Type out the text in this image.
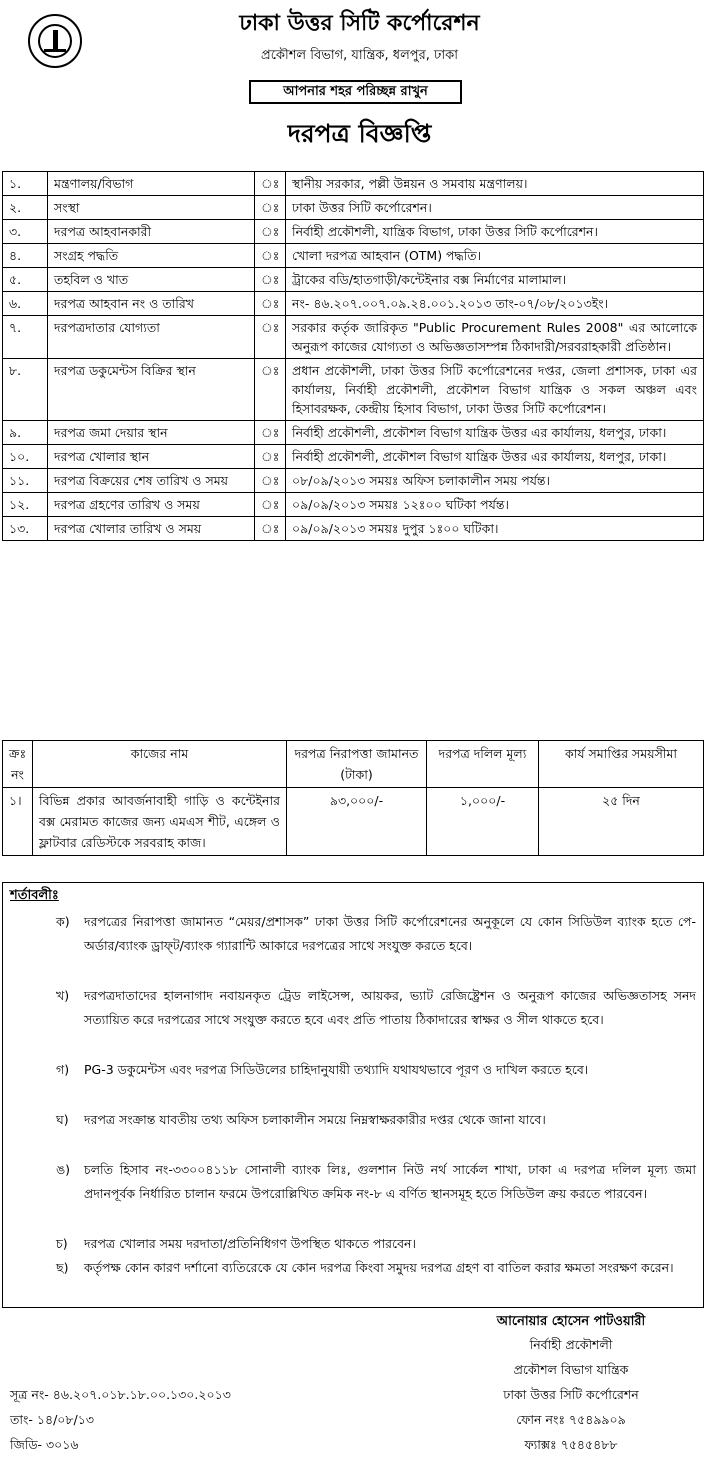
ঢাকা উত্তর সিটি কর্পোরেশন
প্রকৌশল বিভাগ, যান্ত্রিক, ধলপুর, ঢাকা
আপনার শহর পরিচ্ছন্ন রাখুন
দরপত্র বিজ্ঞপ্তি
১.	মন্ত্রণালয়/বিভাগ	ঃ	স্থানীয় সরকার, পল্লী উন্নয়ন ও সমবায় মন্ত্রণালয়।
২.	সংস্থা	ঃ	ঢাকা উত্তর সিটি কর্পোরেশন।
৩.	দরপত্র আহবানকারী	ঃ	নির্বাহী প্রকৌশলী, যান্ত্রিক বিভাগ, ঢাকা উত্তর সিটি কর্পোরেশন।
৪.	সংগ্রহ পদ্ধতি	ঃ	খোলা দরপত্র আহবান (OTM) পদ্ধতি।
৫.	তহবিল ও খাত	ঃ	ট্রাকের বডি/হাতগাড়ী/কন্টেইনার বক্স নির্মাণের মালামাল।
৬.	দরপত্র আহবান নং ও তারিখ	ঃ	নং- ৪৬.২০৭.০০৭.০৯.২৪.০০১.২০১৩ তাং-০৭/০৮/২০১৩ইং।
৭.	দরপত্রদাতার যোগ্যতা	ঃ	সরকার কর্তৃক জারিকৃত "Public Procurement Rules 2008" এর আলোকে অনুরূপ কাজের যোগ্যতা ও অভিজ্ঞতাসম্পন্ন ঠিকাদারী/সরবরাহকারী প্রতিষ্ঠান।
৮.	দরপত্র ডকুমেন্টস বিক্রির স্থান	ঃ	প্রধান প্রকৌশলী, ঢাকা উত্তর সিটি কর্পোরেশনের দপ্তর, জেলা প্রশাসক, ঢাকা এর কার্যালয়, নির্বাহী প্রকৌশলী, প্রকৌশল বিভাগ যান্ত্রিক ও সকল অঞ্চল এবং হিসাবরক্ষক, কেন্দ্রীয় হিসাব বিভাগ, ঢাকা উত্তর সিটি কর্পোরেশন।
৯.	দরপত্র জমা দেয়ার স্থান	ঃ	নির্বাহী প্রকৌশলী, প্রকৌশল বিভাগ যান্ত্রিক উত্তর এর কার্যালয়, ধলপুর, ঢাকা।
১০.	দরপত্র খোলার স্থান	ঃ	নির্বাহী প্রকৌশলী, প্রকৌশল বিভাগ যান্ত্রিক উত্তর এর কার্যালয়, ধলপুর, ঢাকা।
১১.	দরপত্র বিক্রয়ের শেষ তারিখ ও সময়	ঃ	০৮/০৯/২০১৩ সময়ঃ অফিস চলাকালীন সময় পর্যন্ত।
১২.	দরপত্র গ্রহণের তারিখ ও সময়	ঃ	০৯/০৯/২০১৩ সময়ঃ ১২ঃ০০ ঘটিকা পর্যন্ত।
১৩.	দরপত্র খোলার তারিখ ও সময়	ঃ	০৯/০৯/২০১৩ সময়ঃ দুপুর ১ঃ০০ ঘটিকা।
ক্রঃ নং	কাজের নাম	দরপত্র নিরাপত্তা জামানত (টাকা)	দরপত্র দলিল মূল্য	কার্য সমাপ্তির সময়সীমা
১।	বিভিন্ন প্রকার আবর্জনাবাহী গাড়ি ও কন্টেইনার বক্স মেরামত কাজের জন্য এমএস শীট, এঙ্গেল ও ফ্লাটবার রেডিস্টকে সরবরাহ কাজ।	৯৩,০০০/-	১,০০০/-	২৫ দিন
শর্তাবলীঃ
ক)	দরপত্রের নিরাপত্তা জামানত “মেয়র/প্রশাসক” ঢাকা উত্তর সিটি কর্পোরেশনের অনুকূলে যে কোন সিডিউল ব্যাংক হতে পে-অর্ডার/ব্যাংক ড্রাফ্‌ট/ব্যাংক গ্যারান্টি আকারে দরপত্রের সাথে সংযুক্ত করতে হবে।
খ)	দরপত্রদাতাদের হালনাগাদ নবায়নকৃত ট্রেড লাইসেন্স, আয়কর, ভ্যাট রেজিষ্ট্রেশন ও অনুরূপ কাজের অভিজ্ঞতাসহ সনদ সত্যায়িত করে দরপত্রের সাথে সংযুক্ত করতে হবে এবং প্রতি পাতায় ঠিকাদারের স্বাক্ষর ও সীল থাকতে হবে।
গ)	PG-3 ডকুমেন্টস এবং দরপত্র সিডিউলের চাহিদানুযায়ী তথ্যাদি যথাযথভাবে পূরণ ও দাখিল করতে হবে।
ঘ)	দরপত্র সংক্রান্ত যাবতীয় তথ্য অফিস চলাকালীন সময়ে নিম্নস্বাক্ষরকারীর দপ্তর থেকে জানা যাবে।
ঙ)	চলতি হিসাব নং-৩৩০০৪১১৮ সোনালী ব্যাংক লিঃ, গুলশান নিউ নর্থ সার্কেল শাখা, ঢাকা এ দরপত্র দলিল মূল্য জমা প্রদানপূর্বক নির্ধারিত চালান ফরমে উপরোল্লিখিত ক্রমিক নং-৮ এ বর্ণিত স্থানসমূহ হতে সিডিউল ক্রয় করতে পারবেন।
চ)	দরপত্র খোলার সময় দরদাতা/প্রতিনিধিগণ উপস্থিত থাকতে পারবেন।
ছ)	কর্তৃপক্ষ কোন কারণ দর্শানো ব্যতিরেকে যে কোন দরপত্র কিংবা সমুদয় দরপত্র গ্রহণ বা বাতিল করার ক্ষমতা সংরক্ষণ করেন।
আনোয়ার হোসেন পাটওয়ারী
নির্বাহী প্রকৌশলী
প্রকৌশল বিভাগ যান্ত্রিক
ঢাকা উত্তর সিটি কর্পোরেশন
ফোন নংঃ ৭৫৪৯৯০৯
ফ্যাক্সঃ ৭৫৪৫৪৮৮
সূত্র নং- ৪৬.২০৭.০১৮.১৮.০০.১৩০.২০১৩
তাং- ১৪/০৮/১৩
জিডি- ৩০১৬
